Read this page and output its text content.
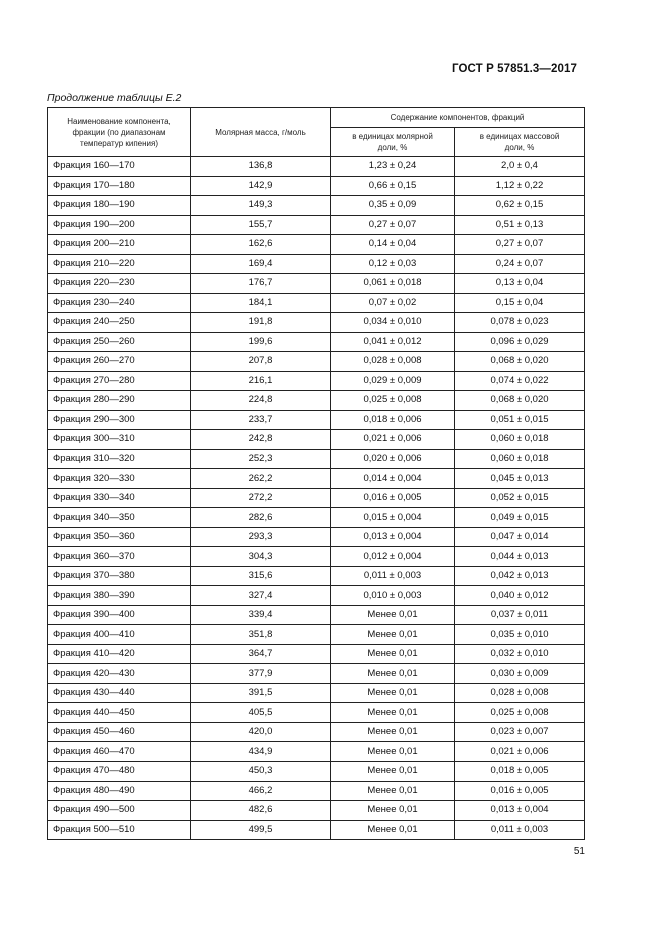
ГОСТ Р 57851.3—2017
Продолжение таблицы Е.2
Наименование компонента, фракции (по диапазонам температур кипения)	Молярная масса, г/моль	Содержание компонентов, фракций	
		в единицах молярной доли, %	в единицах массовой доли, %
Фракция 160—170	136,8	1,23 ± 0,24	2,0 ± 0,4
Фракция 170—180	142,9	0,66 ± 0,15	1,12 ± 0,22
Фракция 180—190	149,3	0,35 ± 0,09	0,62 ± 0,15
Фракция 190—200	155,7	0,27 ± 0,07	0,51 ± 0,13
Фракция 200—210	162,6	0,14 ± 0,04	0,27 ± 0,07
Фракция 210—220	169,4	0,12 ± 0,03	0,24 ± 0,07
Фракция 220—230	176,7	0,061 ± 0,018	0,13 ± 0,04
Фракция 230—240	184,1	0,07 ± 0,02	0,15 ± 0,04
Фракция 240—250	191,8	0,034 ± 0,010	0,078 ± 0,023
Фракция 250—260	199,6	0,041 ± 0,012	0,096 ± 0,029
Фракция 260—270	207,8	0,028 ± 0,008	0,068 ± 0,020
Фракция 270—280	216,1	0,029 ± 0,009	0,074 ± 0,022
Фракция 280—290	224,8	0,025 ± 0,008	0,068 ± 0,020
Фракция 290—300	233,7	0,018 ± 0,006	0,051 ± 0,015
Фракция 300—310	242,8	0,021 ± 0,006	0,060 ± 0,018
Фракция 310—320	252,3	0,020 ± 0,006	0,060 ± 0,018
Фракция 320—330	262,2	0,014 ± 0,004	0,045 ± 0,013
Фракция 330—340	272,2	0,016 ± 0,005	0,052 ± 0,015
Фракция 340—350	282,6	0,015 ± 0,004	0,049 ± 0,015
Фракция 350—360	293,3	0,013 ± 0,004	0,047 ± 0,014
Фракция 360—370	304,3	0,012 ± 0,004	0,044 ± 0,013
Фракция 370—380	315,6	0,011 ± 0,003	0,042 ± 0,013
Фракция 380—390	327,4	0,010 ± 0,003	0,040 ± 0,012
Фракция 390—400	339,4	Менее 0,01	0,037 ± 0,011
Фракция 400—410	351,8	Менее 0,01	0,035 ± 0,010
Фракция 410—420	364,7	Менее 0,01	0,032 ± 0,010
Фракция 420—430	377,9	Менее 0,01	0,030 ± 0,009
Фракция 430—440	391,5	Менее 0,01	0,028 ± 0,008
Фракция 440—450	405,5	Менее 0,01	0,025 ± 0,008
Фракция 450—460	420,0	Менее 0,01	0,023 ± 0,007
Фракция 460—470	434,9	Менее 0,01	0,021 ± 0,006
Фракция 470—480	450,3	Менее 0,01	0,018 ± 0,005
Фракция 480—490	466,2	Менее 0,01	0,016 ± 0,005
Фракция 490—500	482,6	Менее 0,01	0,013 ± 0,004
Фракция 500—510	499,5	Менее 0,01	0,011 ± 0,003
51
